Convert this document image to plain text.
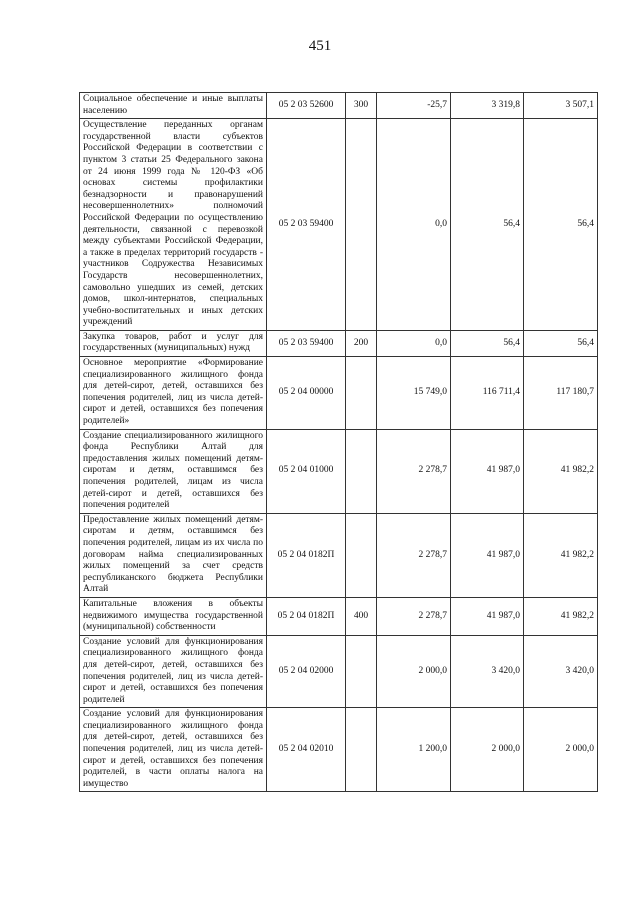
451
Социальное обеспечение и иные выплаты населению	05 2 03 52600	300	-25,7	3 319,8	3 507,1
Осуществление переданных органам государственной власти субъектов Российской Федерации в соответствии с пунктом 3 статьи 25 Федерального закона от 24 июня 1999 года № 120-ФЗ «Об основах системы профилактики безнадзорности и правонарушений несовершеннолетних» полномочий Российской Федерации по осуществлению деятельности, связанной с перевозкой между субъектами Российской Федерации, а также в пределах территорий государств - участников Содружества Независимых Государств несовершеннолетних, самовольно ушедших из семей, детских домов, школ-интернатов, специальных учебно-воспитательных и иных детских учреждений	05 2 03 59400		0,0	56,4	56,4
Закупка товаров, работ и услуг для государственных (муниципальных) нужд	05 2 03 59400	200	0,0	56,4	56,4
Основное мероприятие «Формирование специализированного жилищного фонда для детей-сирот, детей, оставшихся без попечения родителей, лиц из числа детей-сирот и детей, оставшихся без попечения родителей»	05 2 04 00000		15 749,0	116 711,4	117 180,7
Создание специализированного жилищного фонда Республики Алтай для предоставления жилых помещений детям-сиротам и детям, оставшимся без попечения родителей, лицам из числа детей-сирот и детей, оставшихся без попечения родителей	05 2 04 01000		2 278,7	41 987,0	41 982,2
Предоставление жилых помещений детям-сиротам и детям, оставшимся без попечения родителей, лицам из их числа по договорам найма специализированных жилых помещений за счет средств республиканского бюджета Республики Алтай	05 2 04 0182П		2 278,7	41 987,0	41 982,2
Капитальные вложения в объекты недвижимого имущества государственной (муниципальной) собственности	05 2 04 0182П	400	2 278,7	41 987,0	41 982,2
Создание условий для функционирования специализированного жилищного фонда для детей-сирот, детей, оставшихся без попечения родителей, лиц из числа детей-сирот и детей, оставшихся без попечения родителей	05 2 04 02000		2 000,0	3 420,0	3 420,0
Создание условий для функционирования специализированного жилищного фонда для детей-сирот, детей, оставшихся без попечения родителей, лиц из числа детей-сирот и детей, оставшихся без попечения родителей, в части оплаты налога на имущество	05 2 04 02010		1 200,0	2 000,0	2 000,0
